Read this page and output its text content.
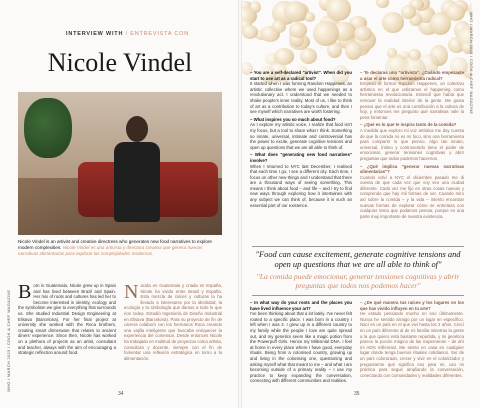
INTERVIEW WITH / ENTREVISTA CON
Nicole Vindel
Nicole Vindel is an artivist and creative directress who generates new food narratives to explore modern complexities. Nicole Vindel es una artivista y directora creativa que genera nuevas narrativas alimentarias para explorar las complejidades modernas.
B orn in Guatemala, Nicole grew up in Spain and has lived between Brazil and Spain. Her mix of roots and cultures has led her to become interested in identity, ecology and the symbolism we give to everything that surrounds us. She studied Industrial Design Engineering at Elisava (Barcelona). For her final project at university she worked with the Roca brothers, creating smart dinnerware that relates to ancient diners' experience. Since then, Nicole has worked on a plethora of projects as an artist, consultant and teacher, always with the aim of encouraging a strategic reflection around food.
N acida en Guatemala y criada en España, Nicole ha vivido entre Brasil y España. Esta mezcla de raíces y culturas la ha llevado a interesarse por la identidad, la ecología y la simbología que damos a todo lo que nos rodea. Estudió Ingeniería de Diseño Industrial en Elisava (Barcelona). Para su proyecto de fin de carrera colaboró con los hermanos Roca creando una vajilla inteligente que buscaba enriquecer la experiencia del comensal. Desde entonces Nicole ha trabajado en multitud de proyectos como artista, consultora y docente, siempre con el fin de fomentar una reflexión estratégica en torno a la alimentación.
34
WHO / MARCH 2023 / COOK & CHEF MAGAZINE
– You are a self-declared "artivist". When did you start to use art as a radical tool?
It started when I was forming Random Happenes, an artistic collective where we used happenings as a revolutionary act. I understood that we needed to shake people's inner reality. Most of us, I like to think of art as a contribution to today's culture, and then I see myself which narratives are worth fostering.
– What inspires you so much about food?
As I explore my artistic voice, I realize that food isn't my focus, but a tool to share what I think. Something so innate, universal, intimate and controversial has the power to excite, generate cognitive tensions and open up questions that we are all able to think of.
– What does "generating new food narratives" involve?
When I returned to NYC last December, I realised that each time I go, I see a different city. Each time, I focus on other new things and I understand that there are a thousand ways of seeing something. This means I think about food – and life – and I try to find new ways through exploring how it intertwines with any subject we can think of, because it is such an essential part of our existence.
– Te declaras una "artivista". ¿Cuándo empezaste a usar el arte como herramienta radical?
Empezó al formar Random Happenes, un colectivo artístico en el que utilizamos el happening como herramienta revolucionaria. Entendí que había que remover la realidad interior de la gente. Me gusta pensar que el arte es una contribución a la cultura de hoy, y entonces me pregunto qué narrativas vale la pena fomentar.
– ¿Qué es lo que te inspira tanto de la comida?
A medida que exploro mi voz artística me doy cuenta de que la comida no es mi foco, sino una herramienta para compartir lo que pienso. Algo tan innato, universal, íntimo y controvertido tiene el poder de emocionar, generar tensiones cognitivas y abrir preguntas que todos podemos hacernos.
– ¿Qué implica "generar nuevas narrativas alimentarias"?
Cuando volví a NYC el diciembre pasado me di cuenta de que cada vez que voy veo una ciudad diferente. Cada vez me fijo en otras cosas nuevas y comprendo que hay mil formas de ver. Cuando miro así sobre la comida – y la vida – intento encontrar nuevas formas de explorar cómo se entrelaza con cualquier tema que podamos pensar, porque es una parte muy importante de nuestra existencia.
"Food can cause excitement, generate cognitive tensions and open up questions that we are all able to think of"
"La comida puede emocionar, generar tensiones cognitivas y abrir preguntas que todos nos podemos hacer"
– In what way do your roots and the places you have lived influence your art?
I've been thinking about that a lot lately. I've never felt rooted to a specific place. I was born in a country I left when I was 2. I grew up in a different country to my family while the people I love are quite spread out, and my genetics seem like a magic potion from the Powerpuff Girls. Hence my Millennial DNA. I feel at home in every place where I have good, everyday rituals. Being from a colonised country, growing up and living in the colonising one, questioning and asking myself what that meant to me – and what I am becoming outside of a primary reality – I use my practice to keep expanding the conversation, connecting with different communities and realities.
– ¿De qué manera tus raíces y los lugares en los que has vivido influyen en tu arte?
He estado pensando mucho en eso últimamente. Nunca he sentido arraigo por un lugar en específico. Nací en un país en el que viví hasta los 2 años. Crecí en un país diferente al de mi familia mientras la gente a la que quiero está bastante repartida, y mi genética parece la poción mágica de las Supernenas – de ahí mi ADN millennial. Me siento en casa en cualquier lugar donde tenga buenos rituales cotidianos. Ser de un país colonizado, crecer y vivir en el colonizador y preguntarme qué significa eso para mí, uso mi práctica para seguir ampliando la conversación, conectando con comunidades y realidades diferentes.
35
WHO / MARCH 2023 / COOK & CHEF MAGAZINE
